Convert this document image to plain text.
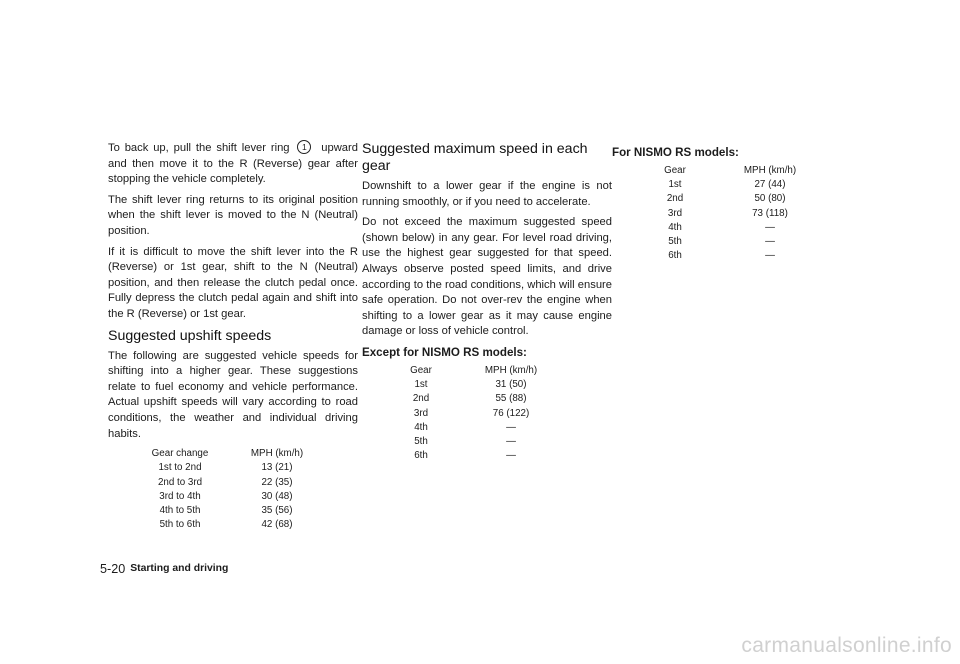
To back up, pull the shift lever ring 1 upward and then move it to the R (Reverse) gear after stopping the vehicle completely.

The shift lever ring returns to its original position when the shift lever is moved to the N (Neutral) position.

If it is difficult to move the shift lever into the R (Reverse) or 1st gear, shift to the N (Neutral) position, and then release the clutch pedal once. Fully depress the clutch pedal again and shift into the R (Reverse) or 1st gear.

Suggested upshift speeds

The following are suggested vehicle speeds for shifting into a higher gear. These suggestions relate to fuel economy and vehicle performance. Actual upshift speeds will vary according to road conditions, the weather and individual driving habits.

Gear change	MPH (km/h)
1st to 2nd	13 (21)
2nd to 3rd	22 (35)
3rd to 4th	30 (48)
4th to 5th	35 (56)
5th to 6th	42 (68)
Suggested maximum speed in each gear

Downshift to a lower gear if the engine is not running smoothly, or if you need to accelerate.

Do not exceed the maximum suggested speed (shown below) in any gear. For level road driving, use the highest gear suggested for that speed. Always observe posted speed limits, and drive according to the road conditions, which will ensure safe operation. Do not over-rev the engine when shifting to a lower gear as it may cause engine damage or loss of vehicle control.

Except for NISMO RS models:
Gear	MPH (km/h)
1st	31 (50)
2nd	55 (88)
3rd	76 (122)
4th	—
5th	—
6th	—
For NISMO RS models:
Gear	MPH (km/h)
1st	27 (44)
2nd	50 (80)
3rd	73 (118)
4th	—
5th	—
6th	—
5-20 Starting and driving
carmanualsonline.info
